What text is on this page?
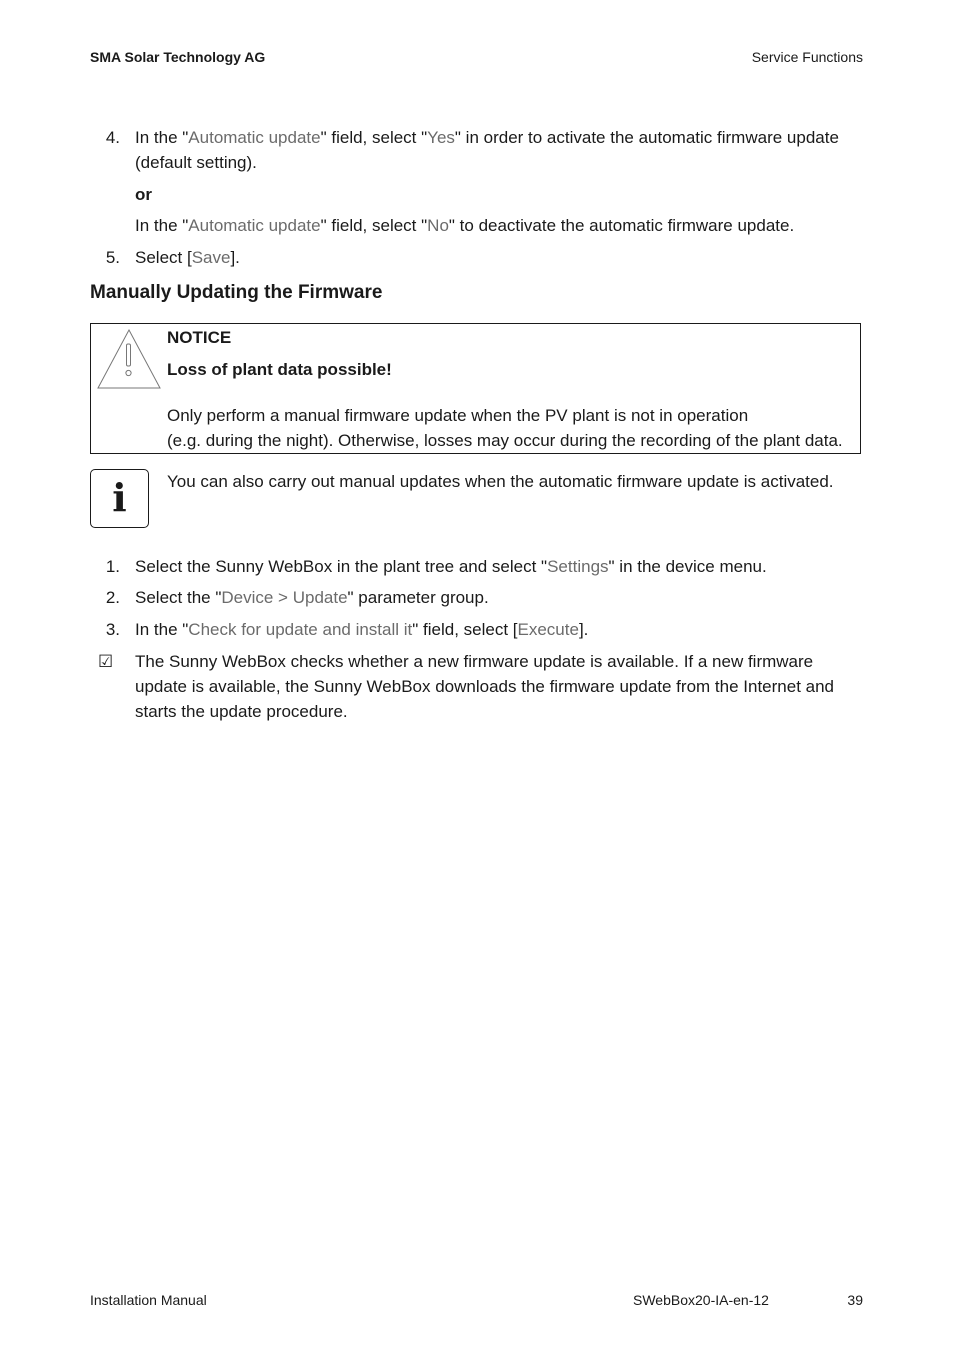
SMA Solar Technology AG	Service Functions
4. In the "Automatic update" field, select "Yes" in order to activate the automatic firmware update
(default setting).
or
In the "Automatic update" field, select "No" to deactivate the automatic firmware update.
5. Select [Save].
Manually Updating the Firmware
NOTICE
Loss of plant data possible!
Only perform a manual firmware update when the PV plant is not in operation
(e.g. during the night). Otherwise, losses may occur during the recording of the plant data.
i	You can also carry out manual updates when the automatic firmware update is activated.
1. Select the Sunny WebBox in the plant tree and select "Settings" in the device menu.
2. Select the "Device > Update" parameter group.
3. In the "Check for update and install it" field, select [Execute].
☑	The Sunny WebBox checks whether a new firmware update is available. If a new firmware
update is available, the Sunny WebBox downloads the firmware update from the Internet and
starts the update procedure.
Installation Manual	SWebBox20-IA-en-12	39
